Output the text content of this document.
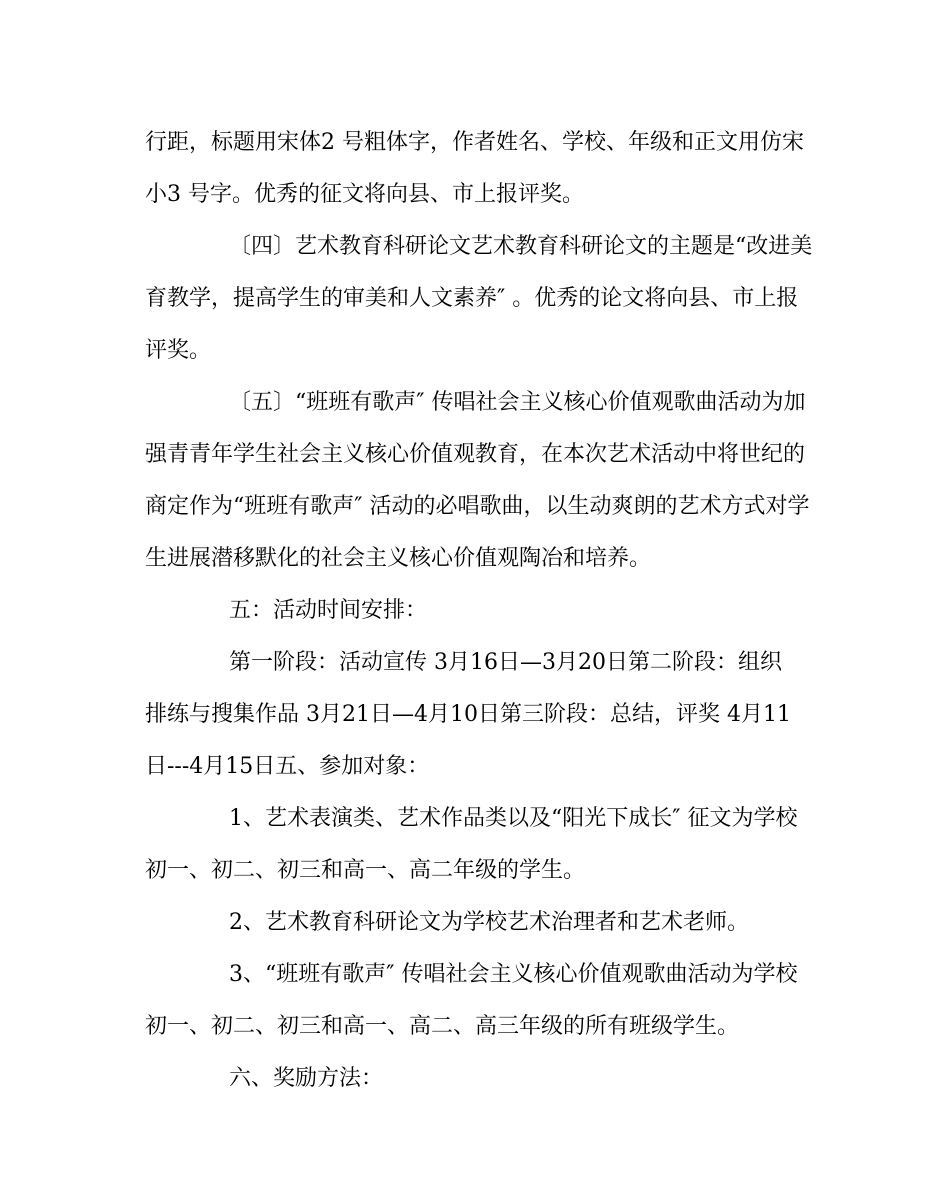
行距，标题用宋体2 号粗体字，作者姓名、学校、年级和正文用仿宋
小3 号字。优秀的征文将向县、市上报评奖。
〔四〕艺术教育科研论文艺术教育科研论文的主题是“改进美
育教学，提高学生的审美和人文素养″ 。优秀的论文将向县、市上报
评奖。
〔五〕“班班有歌声″ 传唱社会主义核心价值观歌曲活动为加
强青青年学生社会主义核心价值观教育，在本次艺术活动中将世纪的
商定作为“班班有歌声″ 活动的必唱歌曲，以生动爽朗的艺术方式对学
生进展潜移默化的社会主义核心价值观陶冶和培养。
五：活动时间安排：
第一阶段：活动宣传 3月16日—3月20日第二阶段：组织
排练与搜集作品 3月21日—4月10日第三阶段：总结，评奖 4月11
日---4月15日五、参加对象：
1、艺术表演类、艺术作品类以及“阳光下成长″ 征文为学校
初一、初二、初三和高一、高二年级的学生。
2、艺术教育科研论文为学校艺术治理者和艺术老师。
3、“班班有歌声″ 传唱社会主义核心价值观歌曲活动为学校
初一、初二、初三和高一、高二、高三年级的所有班级学生。
六、奖励方法：
